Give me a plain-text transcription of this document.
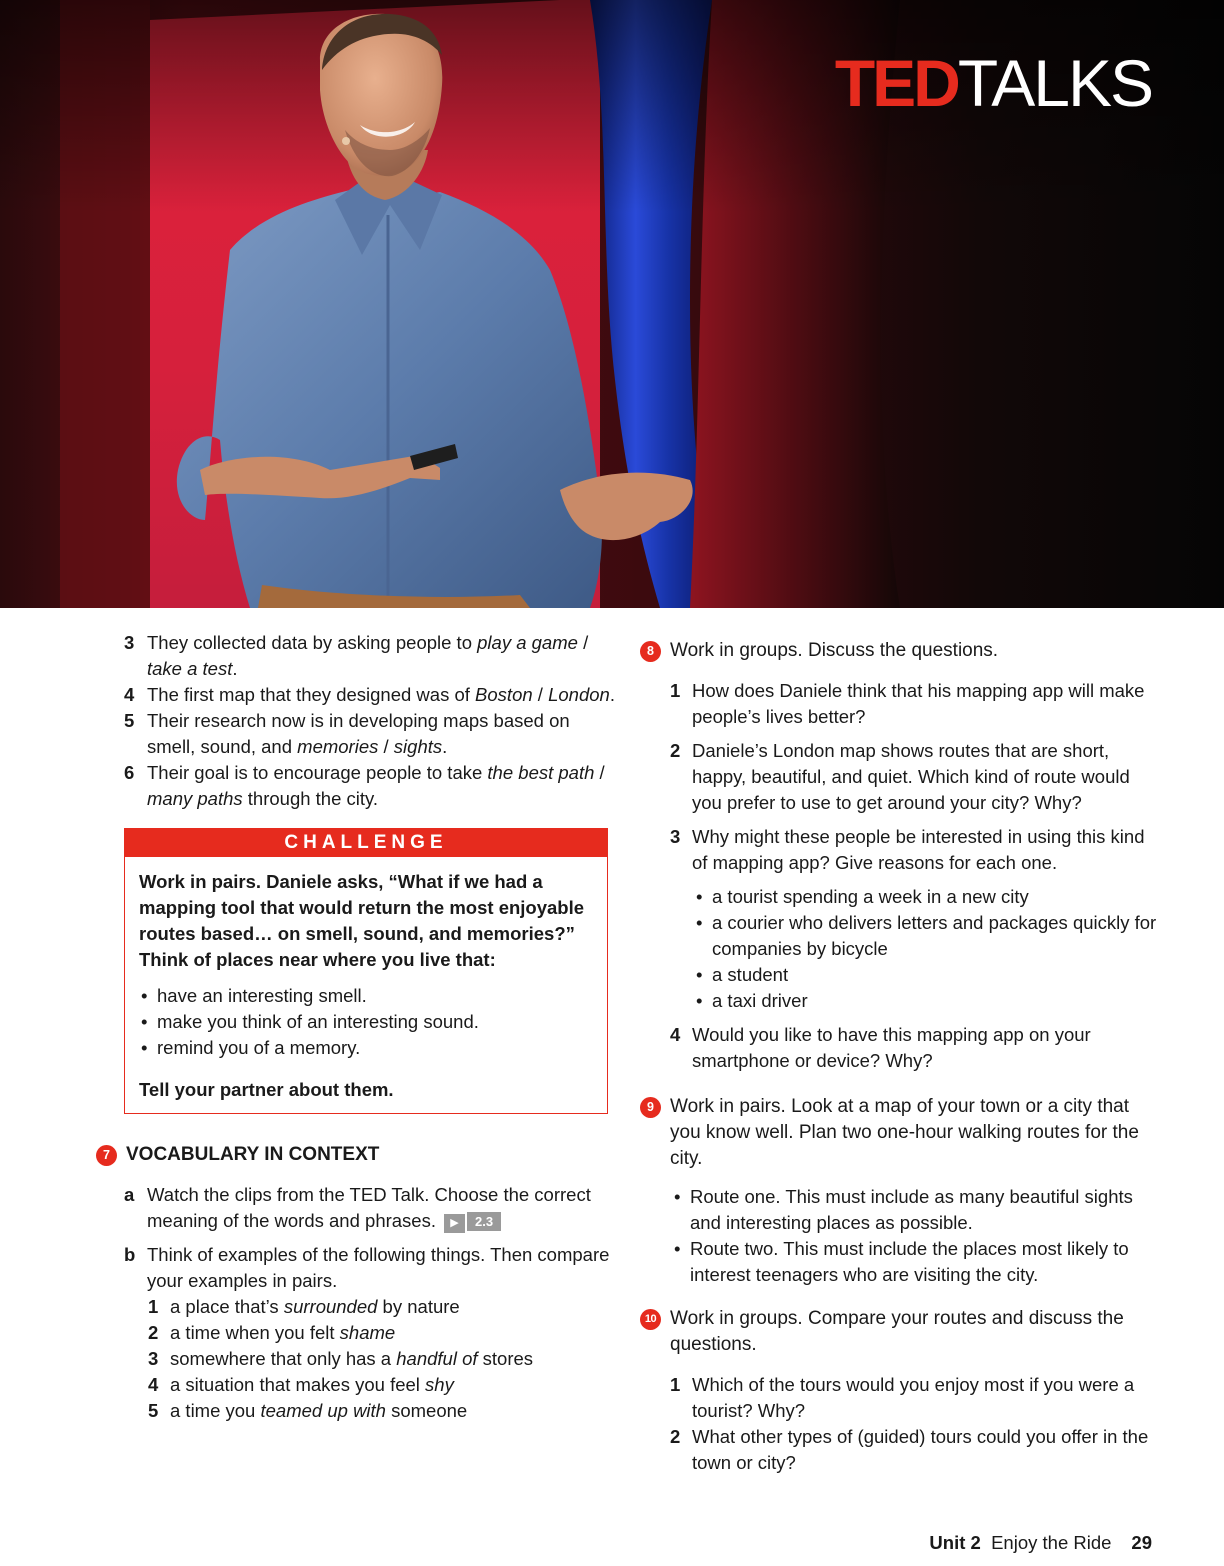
TEDTALKS
3 They collected data by asking people to play a game / take a test.
4 The first map that they designed was of Boston / London.
5 Their research now is in developing maps based on smell, sound, and memories / sights.
6 Their goal is to encourage people to take the best path / many paths through the city.
CHALLENGE
Work in pairs. Daniele asks, “What if we had a mapping tool that would return the most enjoyable routes based… on smell, sound, and memories?” Think of places near where you live that:
• have an interesting smell.
• make you think of an interesting sound.
• remind you of a memory.
Tell your partner about them.
7 VOCABULARY IN CONTEXT
a Watch the clips from the TED Talk. Choose the correct meaning of the words and phrases. ▶ 2.3
b Think of examples of the following things. Then compare your examples in pairs.
1 a place that’s surrounded by nature
2 a time when you felt shame
3 somewhere that only has a handful of stores
4 a situation that makes you feel shy
5 a time you teamed up with someone
8 Work in groups. Discuss the questions.
1 How does Daniele think that his mapping app will make people’s lives better?
2 Daniele’s London map shows routes that are short, happy, beautiful, and quiet. Which kind of route would you prefer to use to get around your city? Why?
3 Why might these people be interested in using this kind of mapping app? Give reasons for each one.
• a tourist spending a week in a new city
• a courier who delivers letters and packages quickly for companies by bicycle
• a student
• a taxi driver
4 Would you like to have this mapping app on your smartphone or device? Why?
9 Work in pairs. Look at a map of your town or a city that you know well. Plan two one-hour walking routes for the city.
• Route one. This must include as many beautiful sights and interesting places as possible.
• Route two. This must include the places most likely to interest teenagers who are visiting the city.
10 Work in groups. Compare your routes and discuss the questions.
1 Which of the tours would you enjoy most if you were a tourist? Why?
2 What other types of (guided) tours could you offer in the town or city?
Unit 2 Enjoy the Ride 29
